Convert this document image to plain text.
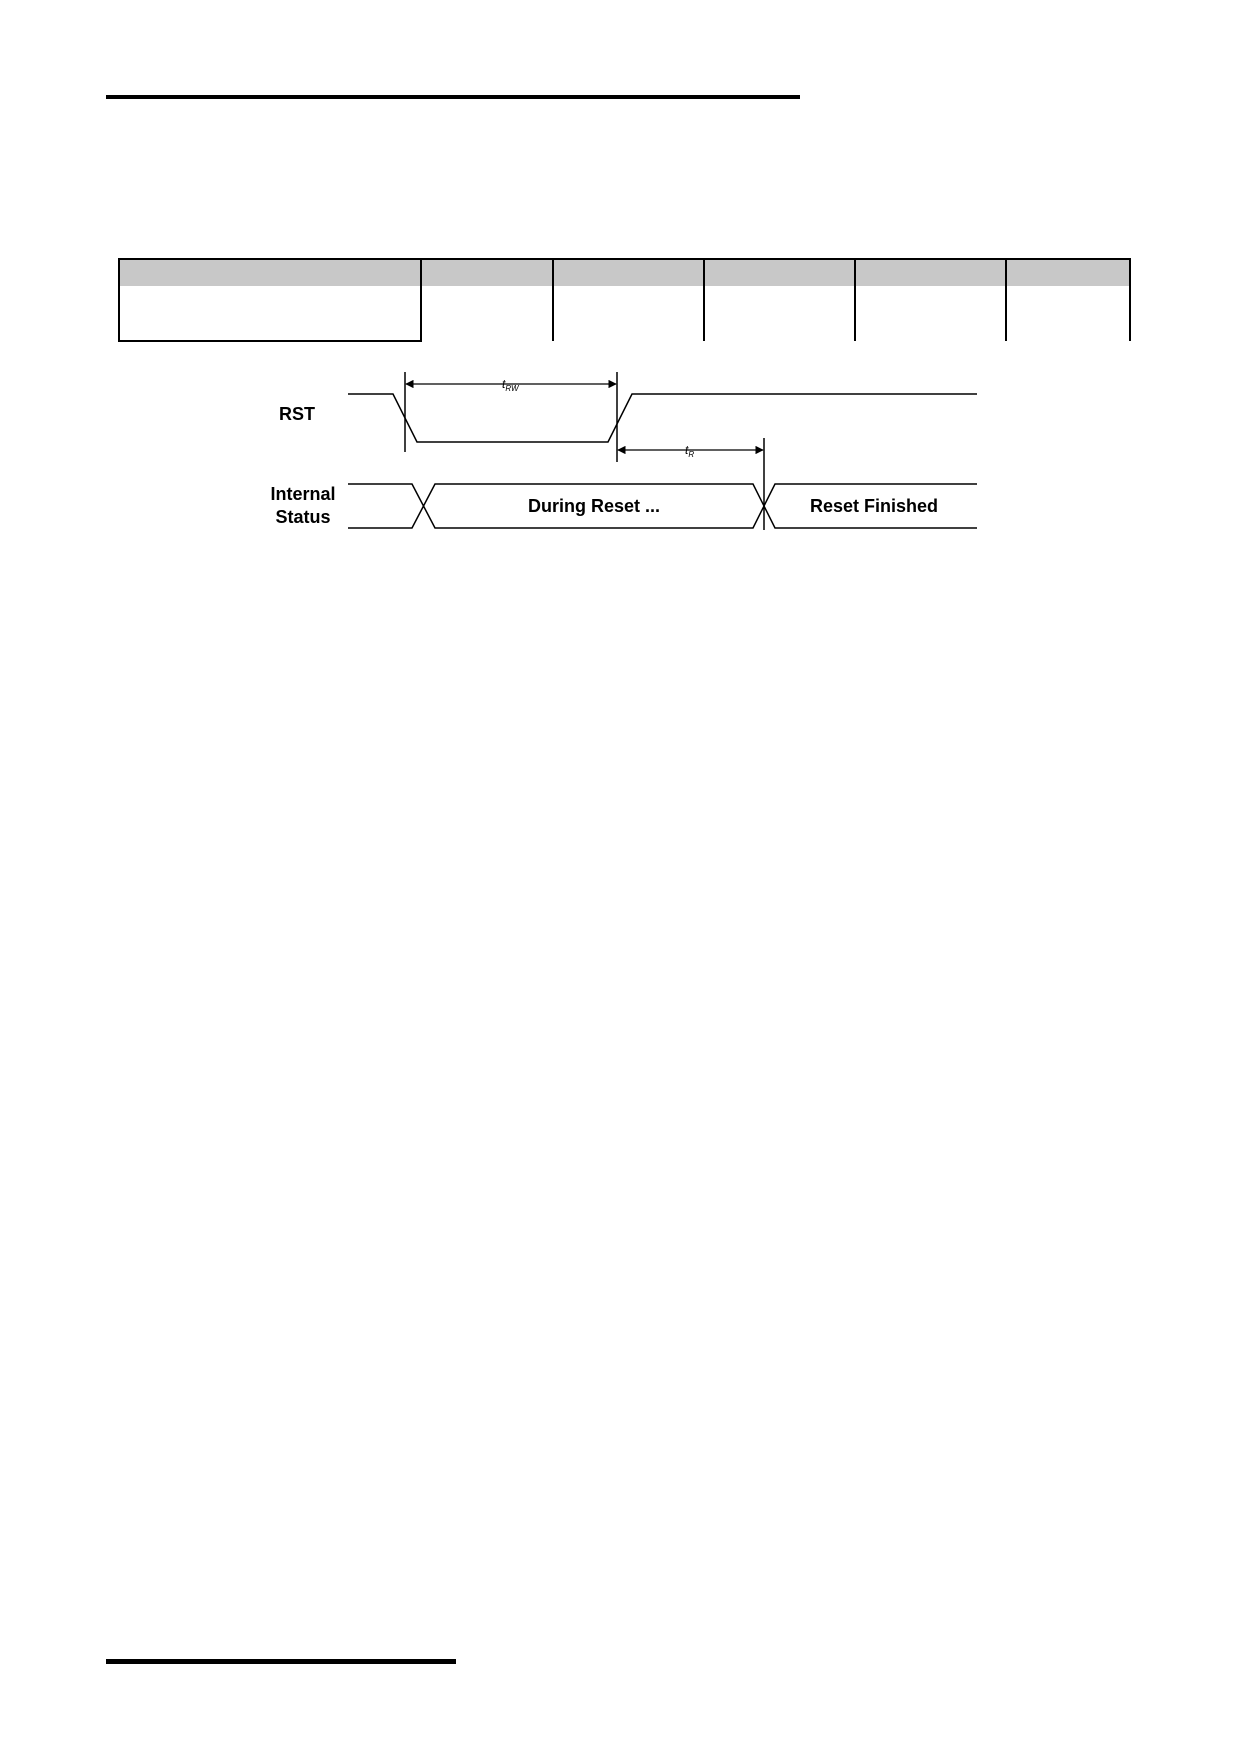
RST
Internal
Status
$t_{RW}$
$t_R$
During Reset ...	Reset Finished
